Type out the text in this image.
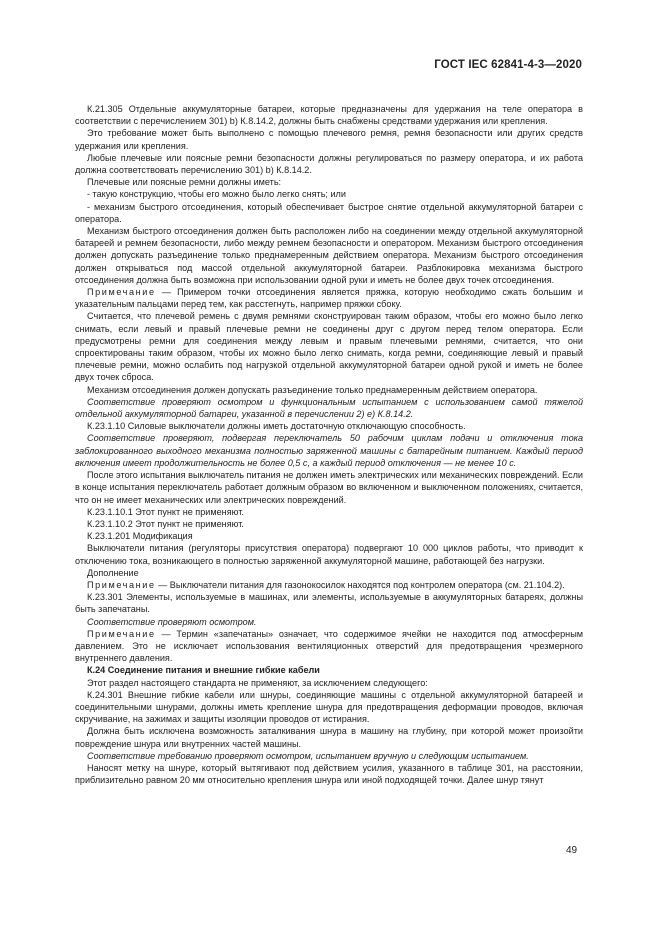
ГОСТ IEC 62841-4-3—2020

К.21.305 Отдельные аккумуляторные батареи, которые предназначены для удержания на теле оператора в соответствии с перечислением 301) b) К.8.14.2, должны быть снабжены средствами удержания или крепления.

Это требование может быть выполнено с помощью плечевого ремня, ремня безопасности или других средств удержания или крепления.

Любые плечевые или поясные ремни безопасности должны регулироваться по размеру оператора, и их работа должна соответствовать перечислению 301) b) К.8.14.2.

Плечевые или поясные ремни должны иметь:

- такую конструкцию, чтобы его можно было легко снять; или

- механизм быстрого отсоединения, который обеспечивает быстрое снятие отдельной аккумуляторной батареи с оператора.

Механизм быстрого отсоединения должен быть расположен либо на соединении между отдельной аккумуляторной батареей и ремнем безопасности, либо между ремнем безопасности и оператором. Механизм быстрого отсоединения должен допускать разъединение только преднамеренным действием оператора. Механизм быстрого отсоединения должен открываться под массой отдельной аккумуляторной батареи. Разблокировка механизма быстрого отсоединения должна быть возможна при использовании одной руки и иметь не более двух точек отсоединения.

Примечание — Примером точки отсоединения является пряжка, которую необходимо сжать большим и указательным пальцами перед тем, как расстегнуть, например пряжки сбоку.

Считается, что плечевой ремень с двумя ремнями сконструирован таким образом, чтобы его можно было легко снимать, если левый и правый плечевые ремни не соединены друг с другом перед телом оператора. Если предусмотрены ремни для соединения между левым и правым плечевыми ремнями, считается, что они спроектированы таким образом, чтобы их можно было легко снимать, когда ремни, соединяющие левый и правый плечевые ремни, можно ослабить под нагрузкой отдельной аккумуляторной батареи одной рукой и иметь не более двух точек сброса.

Механизм отсоединения должен допускать разъединение только преднамеренным действием оператора.

Соответствие проверяют осмотром и функциональным испытанием с использованием самой тяжелой отдельной аккумуляторной батареи, указанной в перечислении 2) е) К.8.14.2.

К.23.1.10 Силовые выключатели должны иметь достаточную отключающую способность.

Соответствие проверяют, подвергая переключатель 50 рабочим циклам подачи и отключения тока заблокированного выходного механизма полностью заряженной машины с батарейным питанием. Каждый период включения имеет продолжительность не более 0,5 с, а каждый период отключения — не менее 10 с.

После этого испытания выключатель питания не должен иметь электрических или механических повреждений. Если в конце испытания переключатель работает должным образом во включенном и выключенном положениях, считается, что он не имеет механических или электрических повреждений.

К.23.1.10.1 Этот пункт не применяют.

К.23.1.10.2 Этот пункт не применяют.

К.23.1.201 Модификация

Выключатели питания (регуляторы присутствия оператора) подвергают 10 000 циклов работы, что приводит к отключению тока, возникающего в полностью заряженной аккумуляторной машине, работающей без нагрузки.

Дополнение

Примечание — Выключатели питания для газонокосилок находятся под контролем оператора (см. 21.104.2).

К.23.301 Элементы, используемые в машинах, или элементы, используемые в аккумуляторных батареях, должны быть запечатаны.

Соответствие проверяют осмотром.

Примечание — Термин «запечатаны» означает, что содержимое ячейки не находится под атмосферным давлением. Это не исключает использования вентиляционных отверстий для предотвращения чрезмерного внутреннего давления.

К.24 Соединение питания и внешние гибкие кабели

Этот раздел настоящего стандарта не применяют, за исключением следующего:

К.24.301 Внешние гибкие кабели или шнуры, соединяющие машины с отдельной аккумуляторной батареей и соединительными шнурами, должны иметь крепление шнура для предотвращения деформации проводов, включая скручивание, на зажимах и защиты изоляции проводов от истирания.

Должна быть исключена возможность заталкивания шнура в машину на глубину, при которой может произойти повреждение шнура или внутренних частей машины.

Соответствие требованию проверяют осмотром, испытанием вручную и следующим испытанием.

Наносят метку на шнуре, который вытягивают под действием усилия, указанного в таблице 301, на расстоянии, приблизительно равном 20 мм относительно крепления шнура или иной подходящей точки. Далее шнур тянут

49
